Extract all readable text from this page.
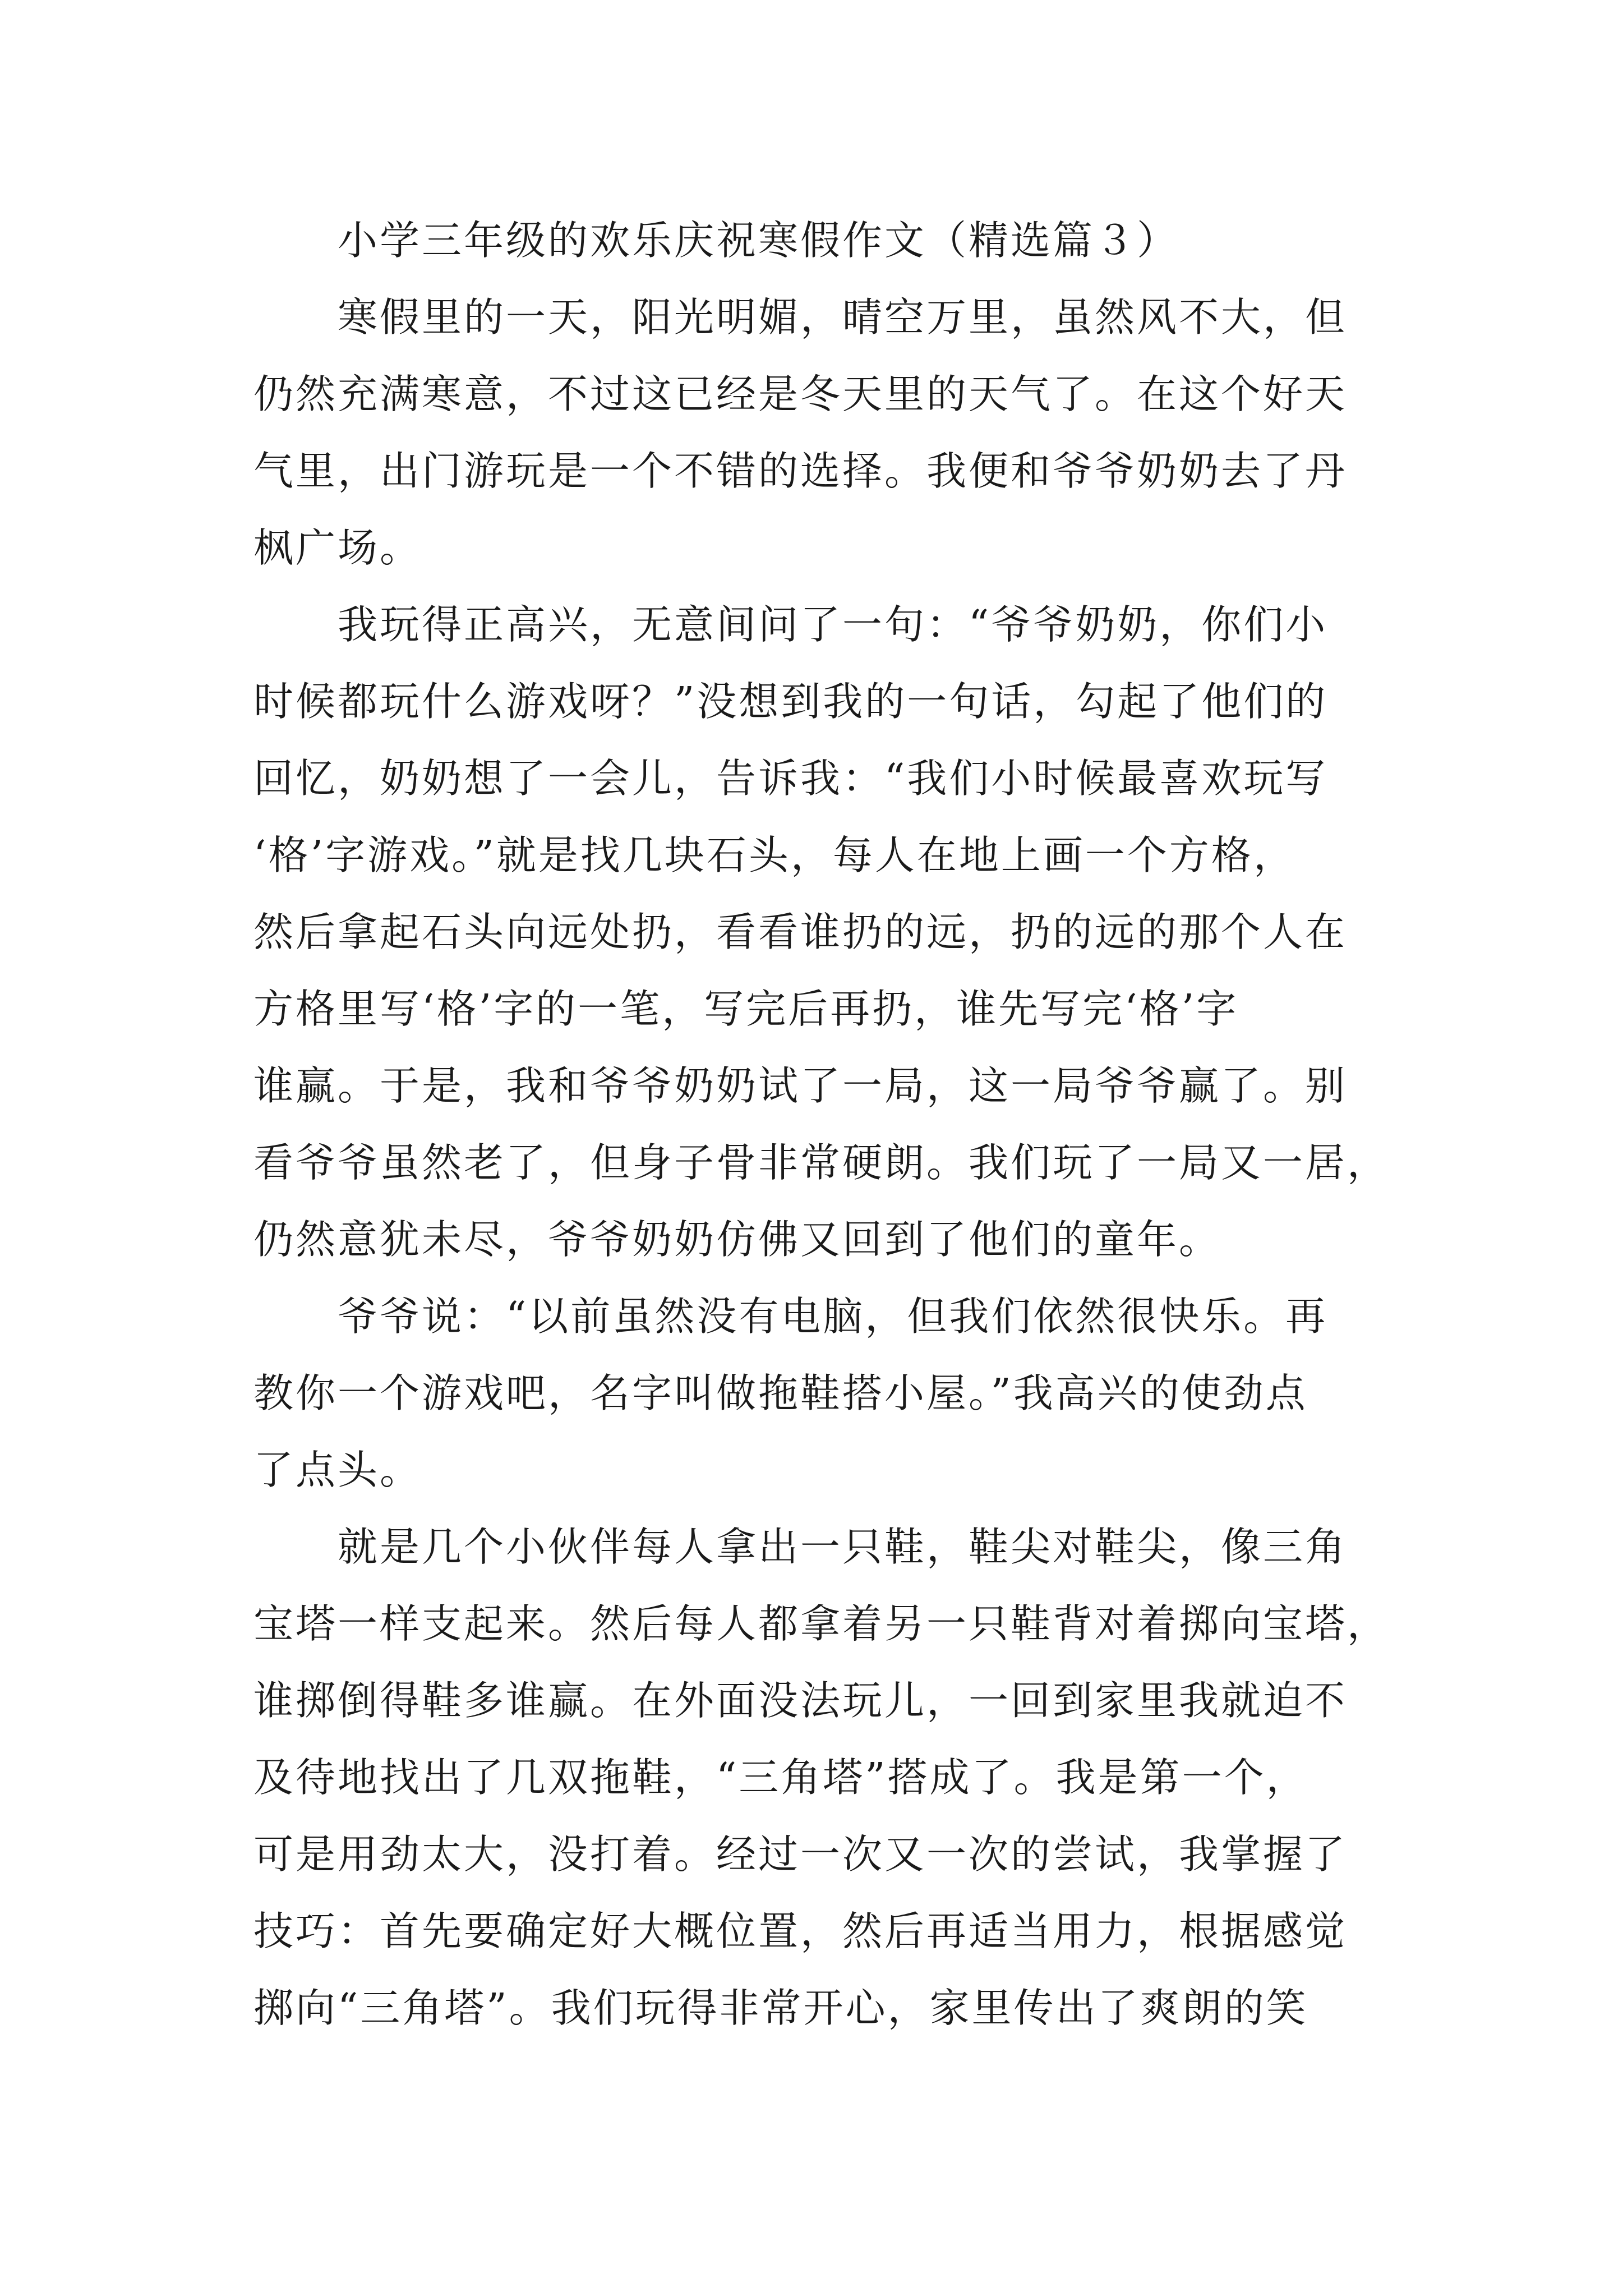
小学三年级的欢乐庆祝寒假作文（精选篇３）
寒假里的一天，阳光明媚，晴空万里，虽然风不大，但
仍然充满寒意，不过这已经是冬天里的天气了。在这个好天
气里，出门游玩是一个不错的选择。我便和爷爷奶奶去了丹
枫广场。
我玩得正高兴，无意间问了一句：“爷爷奶奶，你们小
时候都玩什么游戏呀？”没想到我的一句话，勾起了他们的
回忆，奶奶想了一会儿，告诉我：“我们小时候最喜欢玩写
‘格’字游戏。”就是找几块石头，每人在地上画一个方格，
然后拿起石头向远处扔，看看谁扔的远，扔的远的那个人在
方格里写‘格’字的一笔，写完后再扔，谁先写完‘格’字
谁赢。于是，我和爷爷奶奶试了一局，这一局爷爷赢了。别
看爷爷虽然老了，但身子骨非常硬朗。我们玩了一局又一居，
仍然意犹未尽，爷爷奶奶仿佛又回到了他们的童年。
爷爷说：“以前虽然没有电脑，但我们依然很快乐。再
教你一个游戏吧，名字叫做拖鞋搭小屋。”我高兴的使劲点
了点头。
就是几个小伙伴每人拿出一只鞋，鞋尖对鞋尖，像三角
宝塔一样支起来。然后每人都拿着另一只鞋背对着掷向宝塔，
谁掷倒得鞋多谁赢。在外面没法玩儿，一回到家里我就迫不
及待地找出了几双拖鞋，“三角塔”搭成了。我是第一个，
可是用劲太大，没打着。经过一次又一次的尝试，我掌握了
技巧：首先要确定好大概位置，然后再适当用力，根据感觉
掷向“三角塔”。我们玩得非常开心，家里传出了爽朗的笑
